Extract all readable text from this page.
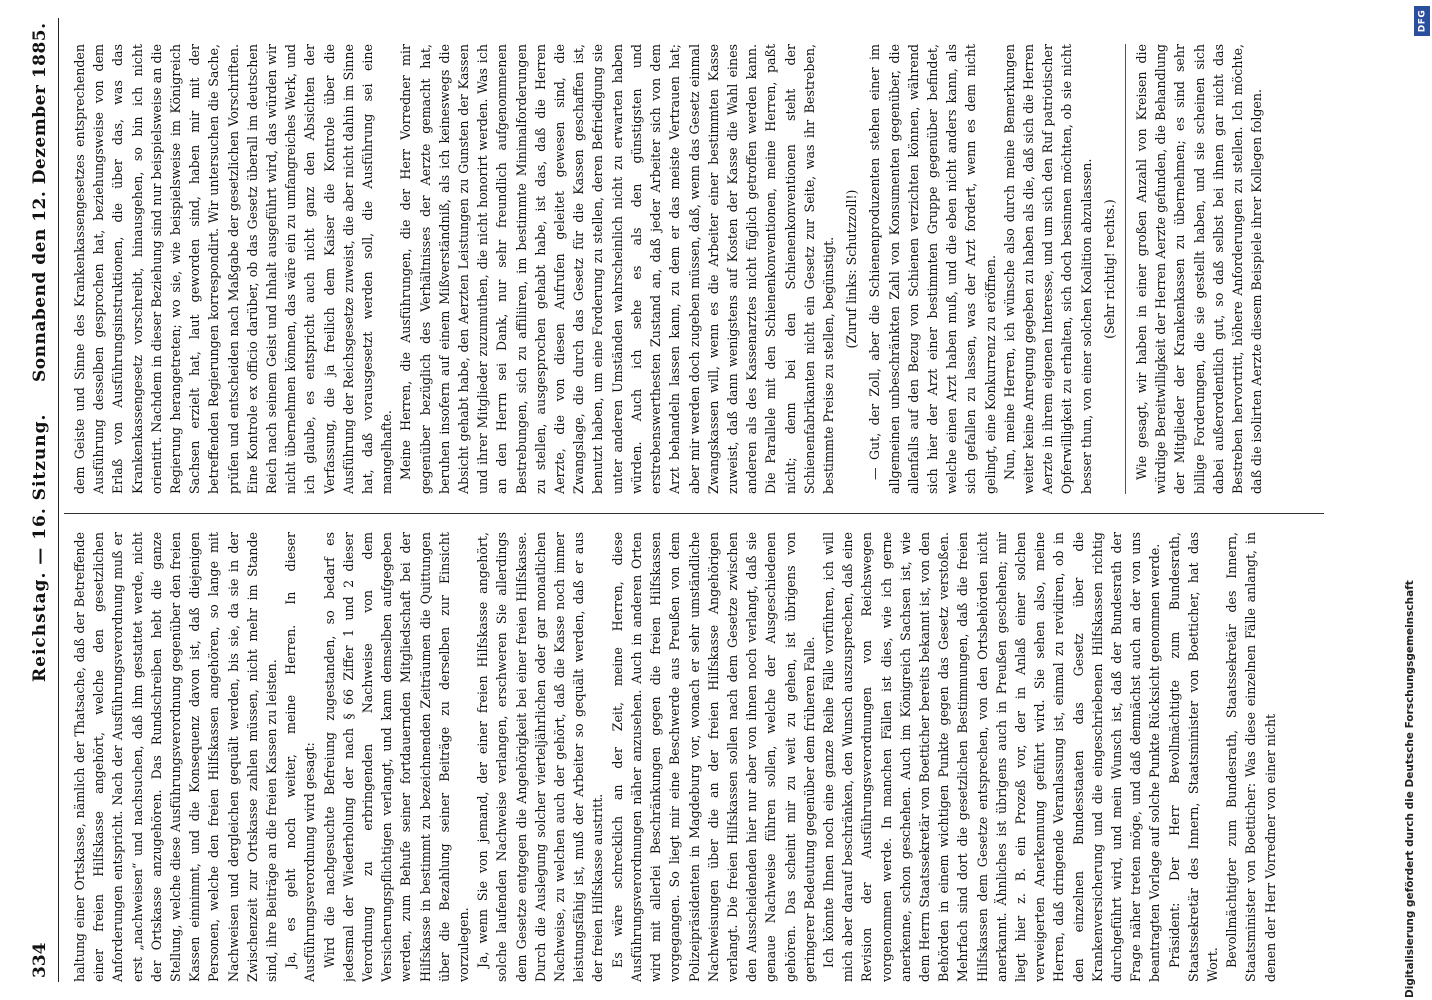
334
Reichstag. — 16. Sitzung.
Sonnabend den 12. Dezember 1885.

haltung einer Ortskasse, nämlich der Thatsache, daß der Betreffende einer freien Hilfskasse angehört, welche den gesetzlichen Anforderungen entspricht. Nach der Ausführungsverordnung muß er erst „nachweisen“ und nachsuchen, daß ihm gestattet werde, nicht der Ortskasse anzugehören. Das Rundschreiben hebt die ganze Stellung, welche diese Ausführungsverordnung gegenüber den freien Kassen einnimmt, und die Konsequenz davon ist, daß diejenigen Personen, welche den freien Hilfskassen angehören, so lange mit Nachweisen und dergleichen gequält werden, bis sie, da sie in der Zwischenzeit zur Ortskasse zahlen müssen, nicht mehr im Stande sind, ihre Beiträge an die freien Kassen zu leisten. Ja, es geht noch weiter, meine Herren. In dieser Ausführungsverordnung wird gesagt: Wird die nachgesuchte Befreiung zugestanden, so bedarf es jedesmal der Wiederholung der nach § 66 Ziffer 1 und 2 dieser Verordnung zu erbringenden Nachweise von dem Versicherungspflichtigen verlangt, und kann demselben aufgegeben werden, zum Behufe seiner fortdauernden Mitgliedschaft bei der Hilfskasse in bestimmt zu bezeichnenden Zeiträumen die Quittungen über die Bezahlung seiner Beiträge zu derselben zur Einsicht vorzulegen. Ja, wenn Sie von jemand, der einer freien Hilfskasse angehört, solche laufenden Nachweise verlangen, erschweren Sie allerdings dem Gesetze entgegen die Angehörigkeit bei einer freien Hilfskasse. Durch die Auslegung solcher vierteljährlichen oder gar monatlichen Nachweise, zu welchen auch der gehört, daß die Kasse noch immer leistungsfähig ist, muß der Arbeiter so gequält werden, daß er aus der freien Hilfskasse austritt. Es wäre schrecklich an der Zeit, meine Herren, diese Ausführungsverordnungen näher anzusehen. Auch in anderen Orten wird mit allerlei Beschränkungen gegen die freien Hilfskassen vorgegangen. So liegt mir eine Beschwerde aus Preußen von dem Polizeipräsidenten in Magdeburg vor, wonach er sehr umständliche Nachweisungen über die an der freien Hilfskasse Angehörigen verlangt. Die freien Hilfskassen sollen nach dem Gesetze zwischen den Ausscheidenden hier nur aber von ihnen noch verlangt, daß sie genaue Nachweise führen sollen, welche der Ausgeschiedenen gehören. Das scheint mir zu weit zu gehen, ist übrigens von geringerer Bedeutung gegenüber dem früheren Falle. Ich könnte Ihnen noch eine ganze Reihe Fälle vorführen, ich will mich aber darauf beschränken, den Wunsch auszusprechen, daß eine Revision der Ausführungsverordnungen von Reichswegen vorgenommen werde. In manchen Fällen ist dies, wie ich gerne anerkenne, schon geschehen. Auch im Königreich Sachsen ist, wie dem Herrn Staatssekretär von Boetticher bereits bekannt ist, von den Behörden in einem wichtigen Punkte gegen das Gesetz verstoßen. Mehrfach sind dort die gesetzlichen Bestimmungen, daß die freien Hilfskassen dem Gesetze entsprechen, von den Ortsbehörden nicht anerkannt. Ähnliches ist übrigens auch in Preußen geschehen; mir liegt hier z. B. ein Prozeß vor, der in Anlaß einer solchen verweigerten Anerkennung geführt wird. Sie sehen also, meine Herren, daß dringende Veranlassung ist, einmal zu revidiren, ob in den einzelnen Bundesstaaten das Gesetz über die Krankenversicherung und die eingeschriebenen Hilfskassen richtig durchgeführt wird, und mein Wunsch ist, daß der Bundesrath der Frage näher treten möge, und daß demnächst auch an der von uns beantragten Vorlage auf solche Punkte Rücksicht genommen werde. Präsident: Der Herr Bevollmächtigte zum Bundesrath, Staatssekretär des Innern, Staatsminister von Boetticher, hat das Wort. Bevollmächtigter zum Bundesrath, Staatssekretär des Innern, Staatsminister von Boetticher: Was diese einzelnen Fälle anlangt, in denen der Herr Vorredner von einer nicht

dem Geiste und Sinne des Krankenkassengesetzes entsprechenden Ausführung desselben gesprochen hat, beziehungsweise von dem Erlaß von Ausführungsinstruktionen, die über das, was das Krankenkassengesetz vorschreibt, hinausgehen, so bin ich nicht orientirt. Nachdem in dieser Beziehung sind nur beispielsweise an die Regierung herangetreten; wo sie, wie beispielsweise im Königreich Sachsen erzielt hat, laut geworden sind, haben mir mit der betreffenden Regierungen korrespondirt. Wir untersuchen die Sache, prüfen und entscheiden nach Maßgabe der gesetzlichen Vorschriften. Eine Kontrole ex officio darüber, ob das Gesetz überall im deutschen Reich nach seinem Geist und Inhalt ausgeführt wird, das würden wir nicht übernehmen können, das wäre ein zu umfangreiches Werk, und ich glaube, es entspricht auch nicht ganz den Absichten der Verfassung, die ja freilich dem Kaiser die Kontrole über die Ausführung der Reichsgesetze zuweist, die aber nicht dahin im Sinne hat, daß vorausgesetzt werden soll, die Ausführung sei eine mangelhafte. Meine Herren, die Ausführungen, die der Herr Vorredner mir gegenüber bezüglich des Verhältnisses der Aerzte gemacht hat, beruhen insofern auf einem Mißverständniß, als ich keineswegs die Absicht gehabt habe, den Aerzten Leistungen zu Gunsten der Kassen und ihrer Mitglieder zuzumuthen, die nicht honorirt werden. Was ich an den Herrn sei Dank, nur sehr freundlich aufgenommenen Bestrebungen, sich zu affiliiren, im bestimmte Minimalforderungen zu stellen, ausgesprochen gehabt habe, ist das, daß die Herren Aerzte, die von diesen Aufrufen geleitet gewesen sind, die Zwangslage, die durch das Gesetz für die Kassen geschaffen ist, benutzt haben, um eine Forderung zu stellen, deren Befriedigung sie unter anderen Umständen wahrscheinlich nicht zu erwarten haben würden. Auch ich sehe es als den günstigsten und erstrebenswerthesten Zustand an, daß jeder Arbeiter sich von dem Arzt behandeln lassen kann, zu dem er das meiste Vertrauen hat; aber mir werden doch zugeben müssen, daß, wenn das Gesetz einmal Zwangskassen will, wenn es die Arbeiter einer bestimmten Kasse zuweist, daß dann wenigstens auf Kosten der Kasse die Wahl eines anderen als des Kassenarztes nicht füglich getroffen werden kann. Die Parallele mit den Schienenkonventionen, meine Herren, paßt nicht; denn bei den Schienenkonventionen steht der Schienenfabrikanten nicht ein Gesetz zur Seite, was ihr Bestreben, bestimmte Preise zu stellen, begünstigt. (Zuruf links: Schutzzoll!) — Gut, der Zoll, aber die Schienenproduzenten stehen einer im allgemeinen unbeschränkten Zahl von Konsumenten gegenüber, die allenfalls auf den Bezug von Schienen verzichten können, während sich hier der Arzt einer bestimmten Gruppe gegenüber befindet, welche einen Arzt haben muß, und die eben nicht anders kann, als sich gefallen zu lassen, was der Arzt fordert, wenn es dem nicht gelingt, eine Konkurrenz zu eröffnen. Nun, meine Herren, ich wünsche also durch meine Bemerkungen weiter keine Anregung gegeben zu haben als die, daß sich die Herren Aerzte in ihrem eigenen Interesse, und um sich den Ruf patriotischer Opferwilligkeit zu erhalten, sich doch besinnen möchten, ob sie nicht besser thun, von einer solchen Koalition abzulassen. (Sehr richtig! rechts.) Wie gesagt, wir haben in einer großen Anzahl von Kreisen die würdige Bereitwilligkeit der Herren Aerzte gefunden, die Behandlung der Mitglieder der Krankenkassen zu übernehmen; es sind sehr billige Forderungen, die sie gestellt haben, und sie scheinen sich dabei außerordentlich gut, so daß selbst bei ihnen gar nicht das Bestreben hervortritt, höhere Anforderungen zu stellen. Ich möchte, daß die isolirten Aerzte diesem Beispiele ihrer Kollegen folgen.

DFG
Digitalisierung gefördert durch die Deutsche Forschungsgemeinschaft
